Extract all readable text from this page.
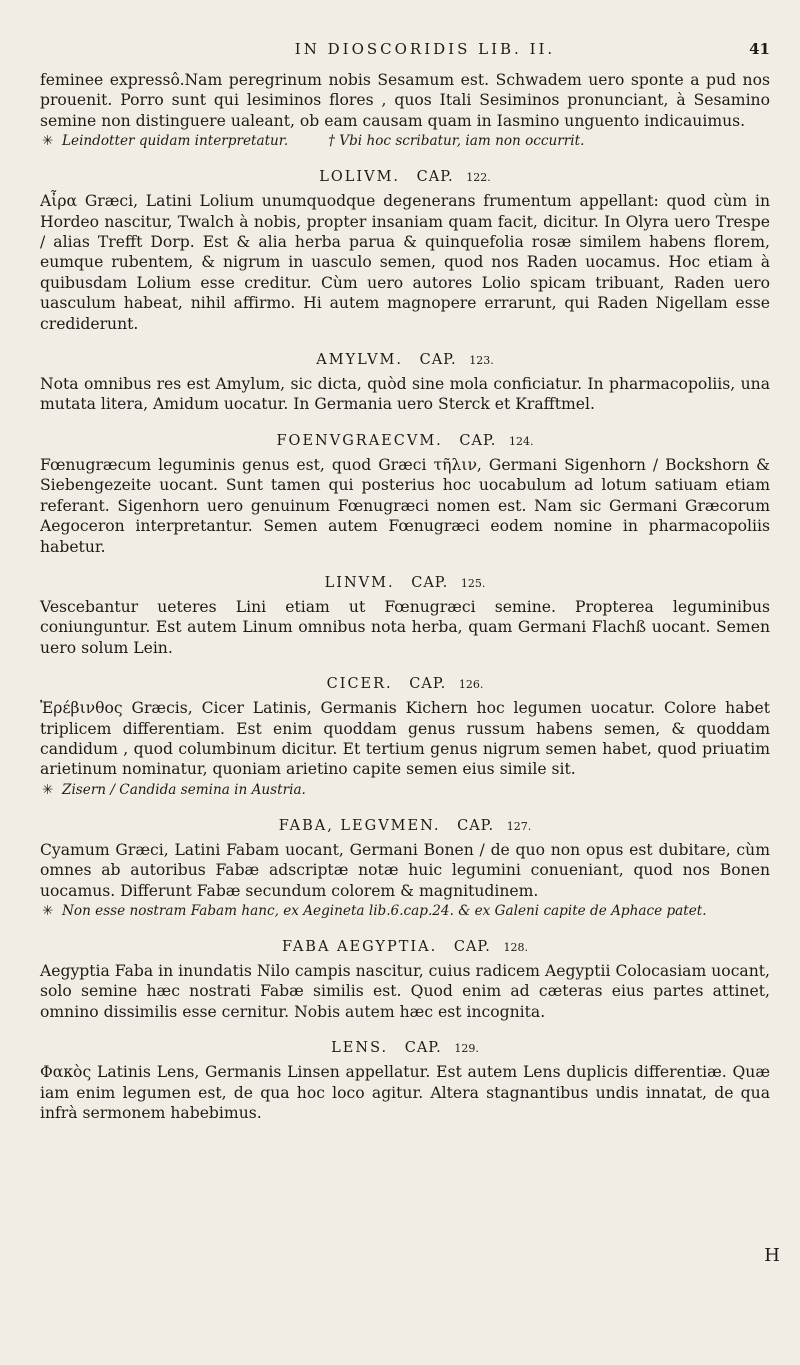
IN DIOSCORIDIS LIB. II.	41

feminee expressô.Nam peregrinum nobis Sesamum est. Schwadem uero sponte a pud nos prouenit. Porro sunt qui lesiminos flores , quos Itali Sesiminos pronunciant, à Sesamino semine non distinguere ualeant, ob eam causam quam in Iasmino unguento indicauimus.

✳ Leindotter quidam interpretatur.	† Vbi hoc scribatur, iam non occurrit.
LOLIVM. CAP. 122.

Αἶρα Græci, Latini Lolium unumquodque degenerans frumentum appellant: quod cùm in Hordeo nascitur, Twalch à nobis, propter insaniam quam facit, dicitur. In Olyra uero Trespe / alias Trefft Dorp. Est & alia herba parua & quinquefolia rosæ similem habens florem, eumque rubentem, & nigrum in uasculo semen, quod nos Raden uocamus. Hoc etiam à quibusdam Lolium esse creditur. Cùm uero autores Lolio spicam tribuant, Raden uero uasculum habeat, nihil affirmo. Hi autem magnopere errarunt, qui Raden Nigellam esse crediderunt.

AMYLVM. CAP. 123.

Nota omnibus res est Amylum, sic dicta, quòd sine mola conficiatur. In pharmacopoliis, una mutata litera, Amidum uocatur. In Germania uero Sterck et Krafftmel.

FOENVGRAECVM. CAP. 124.

Fœnugræcum leguminis genus est, quod Græci τῆλιν, Germani Sigenhorn / Bockshorn & Siebengezeite uocant. Sunt tamen qui posterius hoc uocabulum ad lotum satiuam etiam referant. Sigenhorn uero genuinum Fœnugræci nomen est. Nam sic Germani Græcorum Aegoceron interpretantur. Semen autem Fœnugræci eodem nomine in pharmacopoliis habetur.

LINVM. CAP. 125.

Vescebantur ueteres Lini etiam ut Fœnugræci semine. Propterea leguminibus coniunguntur. Est autem Linum omnibus nota herba, quam Germani Flachß uocant. Semen uero solum Lein.

CICER. CAP. 126.

Ἐρέβινθος Græcis, Cicer Latinis, Germanis Kichern hoc legumen uocatur. Colore habet triplicem differentiam. Est enim quoddam genus russum habens semen, & quoddam candidum , quod columbinum dicitur. Et tertium genus nigrum semen habet, quod priuatim arietinum nominatur, quoniam arietino capite semen eius simile sit.

✳ Zisern / Candida semina in Austria.
FABA, LEGVMEN. CAP. 127.

Cyamum Græci, Latini Fabam uocant, Germani Bonen / de quo non opus est dubitare, cùm omnes ab autoribus Fabæ adscriptæ notæ huic legumini conueniant, quod nos Bonen uocamus. Differunt Fabæ secundum colorem & magnitudinem.

✳ Non esse nostram Fabam hanc, ex Aegineta lib.6.cap.24. & ex Galeni capite de Aphace patet.
FABA AEGYPTIA. CAP. 128.

Aegyptia Faba in inundatis Nilo campis nascitur, cuius radicem Aegyptii Colocasiam uocant, solo semine hæc nostrati Fabæ similis est. Quod enim ad cæteras eius partes attinet, omnino dissimilis esse cernitur. Nobis autem hæc est incognita.

LENS. CAP. 129.

Φακὸς Latinis Lens, Germanis Linsen appellatur. Est autem Lens duplicis differentiæ. Quæ iam enim legumen est, de qua hoc loco agitur. Altera stagnantibus undis innatat, de qua infrà sermonem habebimus.

H
